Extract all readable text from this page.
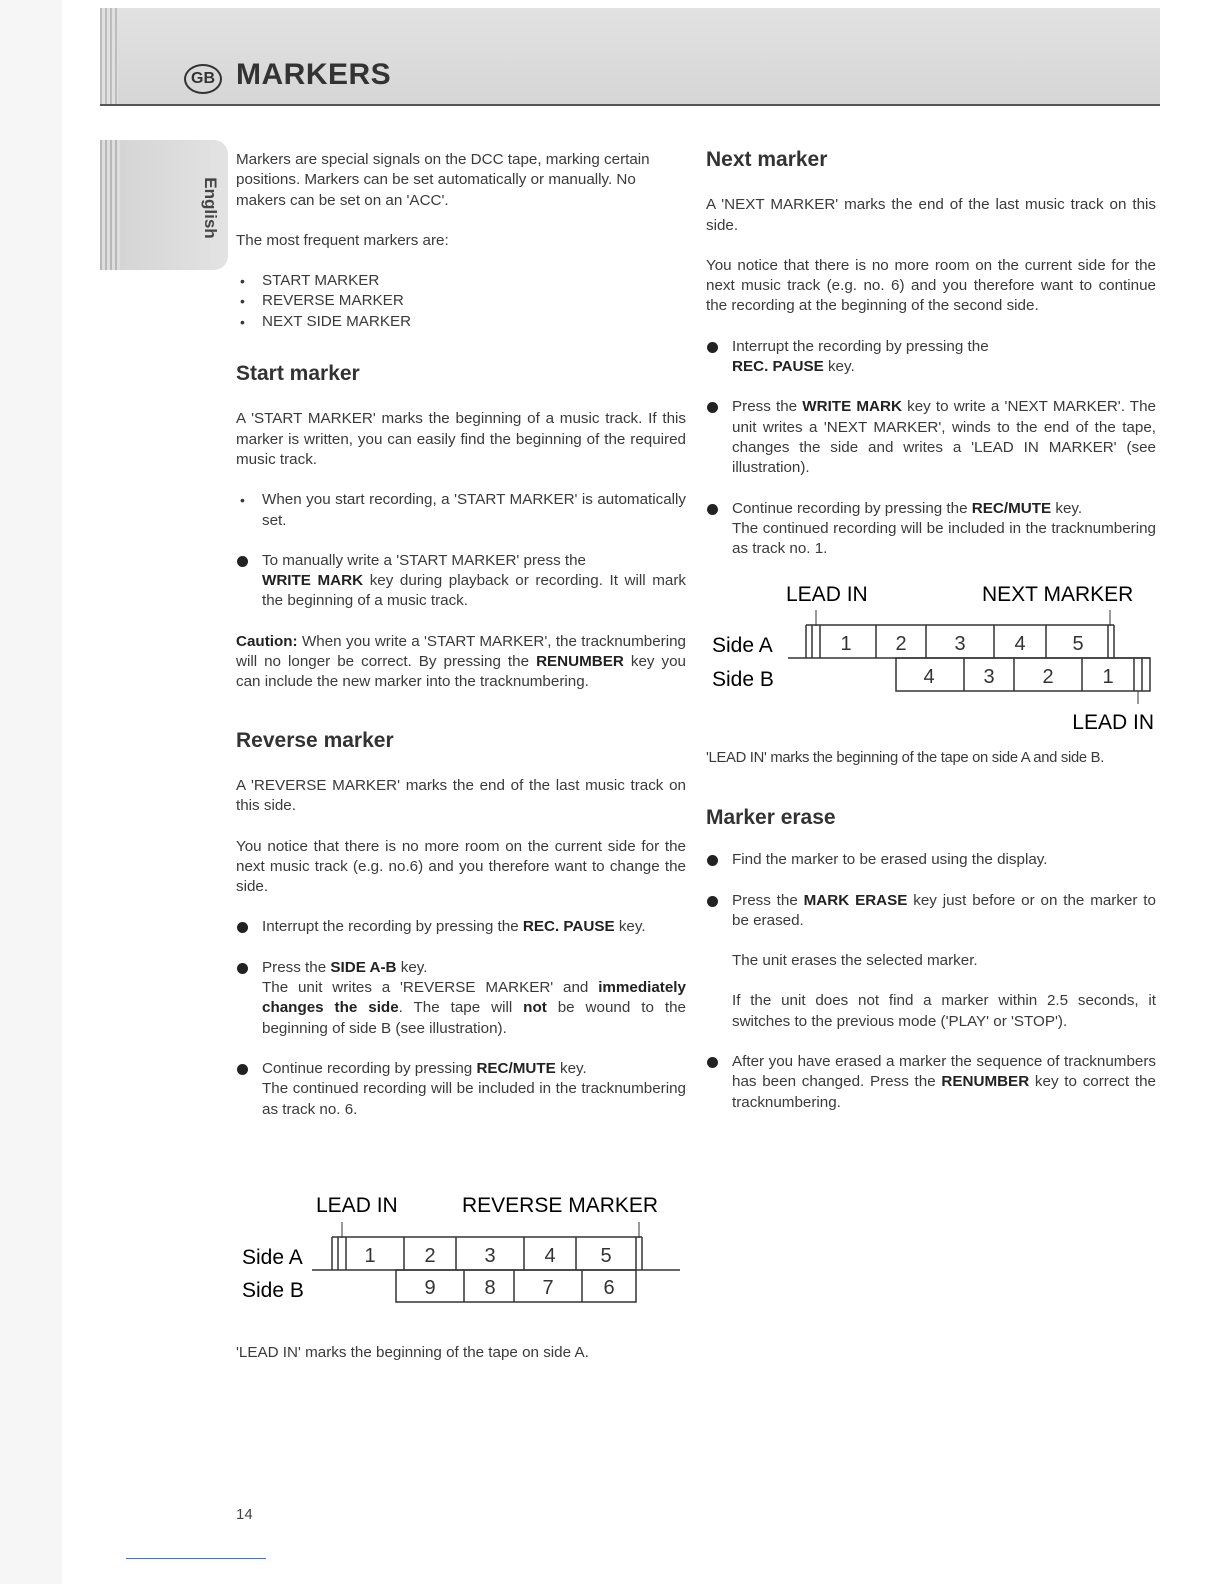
GB MARKERS
English

Markers are special signals on the DCC tape, marking certain positions. Markers can be set automatically or manually. No makers can be set on an 'ACC'.

The most frequent markers are:

• START MARKER
• REVERSE MARKER
• NEXT SIDE MARKER
Start marker

A 'START MARKER' marks the beginning of a music track. If this marker is written, you can easily find the beginning of the required music track.

• When you start recording, a 'START MARKER' is automatically set.
To manually write a 'START MARKER' press the
WRITE MARK key during playback or recording. It will mark the beginning of a music track.

Caution: When you write a 'START MARKER', the tracknumbering will no longer be correct. By pressing the RENUMBER key you can include the new marker into the tracknumbering.

Reverse marker

A 'REVERSE MARKER' marks the end of the last music track on this side.

You notice that there is no more room on the current side for the next music track (e.g. no.6) and you therefore want to change the side.

Interrupt the recording by pressing the REC. PAUSE key.
Press the SIDE A-B key.
The unit writes a 'REVERSE MARKER' and immediately changes the side. The tape will not be wound to the beginning of side B (see illustration).
Continue recording by pressing REC/MUTE key.
The continued recording will be included in the tracknumbering as track no. 6.
LEAD IN	REVERSE MARKER
Side A
Side B
1 2 3 4 5
9 8 7 6
'LEAD IN' marks the beginning of the tape on side A.
Next marker

A 'NEXT MARKER' marks the end of the last music track on this side.

You notice that there is no more room on the current side for the next music track (e.g. no. 6) and you therefore want to continue the recording at the beginning of the second side.

Interrupt the recording by pressing the
REC. PAUSE key.
Press the WRITE MARK key to write a 'NEXT MARKER'. The unit writes a 'NEXT MARKER', winds to the end of the tape, changes the side and writes a 'LEAD IN MARKER' (see illustration).
Continue recording by pressing the REC/MUTE key.
The continued recording will be included in the tracknumbering as track no. 1.
LEAD IN	NEXT MARKER
Side A
Side B
1 2 3 4 5
4 3 2 1
LEAD IN
'LEAD IN' marks the beginning of the tape on side A and side B.
Marker erase
Find the marker to be erased using the display.
Press the MARK ERASE key just before or on the marker to be erased.

The unit erases the selected marker.

If the unit does not find a marker within 2.5 seconds, it switches to the previous mode ('PLAY' or 'STOP').

After you have erased a marker the sequence of tracknumbers has been changed. Press the RENUMBER key to correct the tracknumbering.
14
